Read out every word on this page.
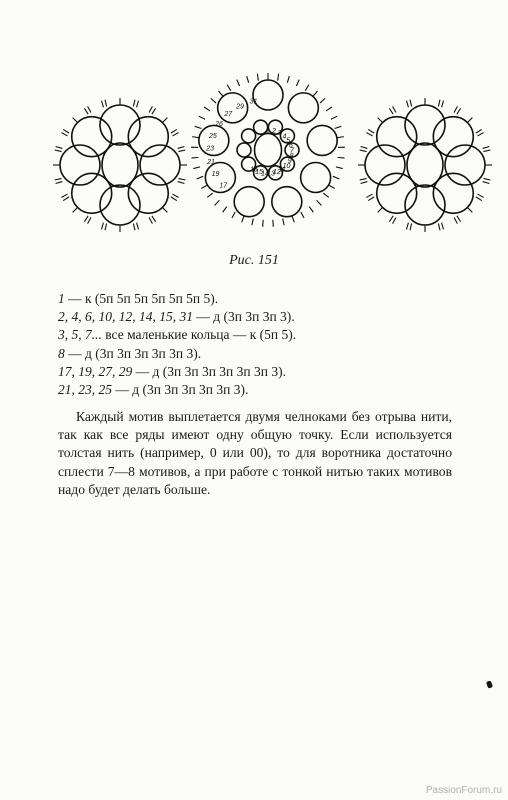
1 2 3 4
5
6
7
8
9
10
11
12
13
14
15
16
17
19
21
23
25
26
27
29
31
Рис. 151
1 — к (5п 5п 5п 5п 5п 5п 5).
2, 4, 6, 10, 12, 14, 15, 31 — д (3п 3п 3п 3).
3, 5, 7... все маленькие кольца — к (5п 5).
8 — д (3п 3п 3п 3п 3п 3).
17, 19, 27, 29 — д (3п 3п 3п 3п 3п 3п 3).
21, 23, 25 — д (3п 3п 3п 3п 3п 3).
Каждый мотив выплетается двумя челноками без отрыва нити, так как все ряды имеют одну общую точку. Если используется толстая нить (например, 0 или 00), то для воротника достаточно сплести 7—8 мотивов, а при работе с тонкой нитью таких мотивов надо будет делать больше.
PassionForum.ru
